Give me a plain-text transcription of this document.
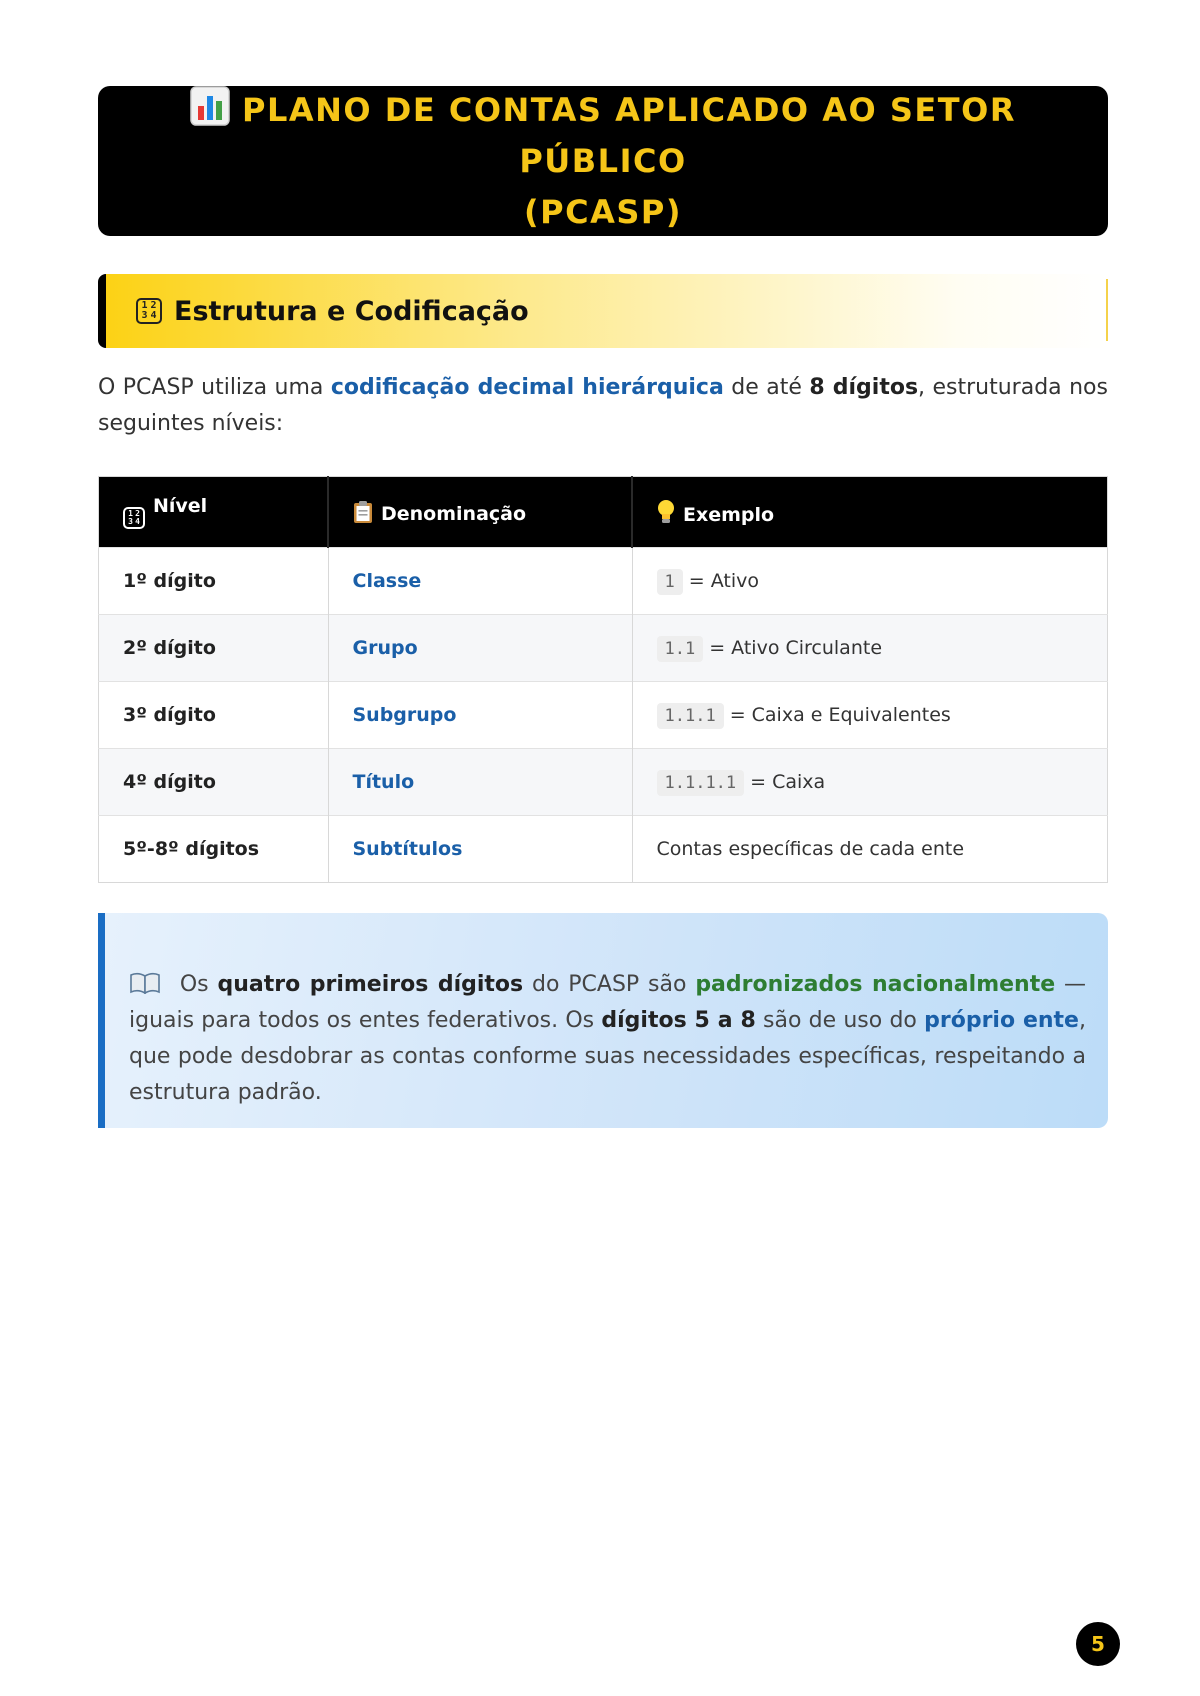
PLANO DE CONTAS APLICADO AO SETOR PÚBLICO
(PCASP)
1 2
3 4 Estrutura e Codificação

O PCASP utiliza uma codificação decimal hierárquica de até 8 dígitos, estruturada nos seguintes níveis:

1 2
3 4
Nível	Denominação	Exemplo
1º dígito	Classe	1 = Ativo
2º dígito	Grupo	1.1 = Ativo Circulante
3º dígito	Subgrupo	1.1.1 = Caixa e Equivalentes
4º dígito	Título	1.1.1.1 = Caixa
5º-8º dígitos	Subtítulos	Contas específicas de cada ente
Os quatro primeiros dígitos do PCASP são padronizados nacionalmente — iguais para todos os entes federativos. Os dígitos 5 a 8 são de uso do próprio ente, que pode desdobrar as contas conforme suas necessidades específicas, respeitando a estrutura padrão.
5
